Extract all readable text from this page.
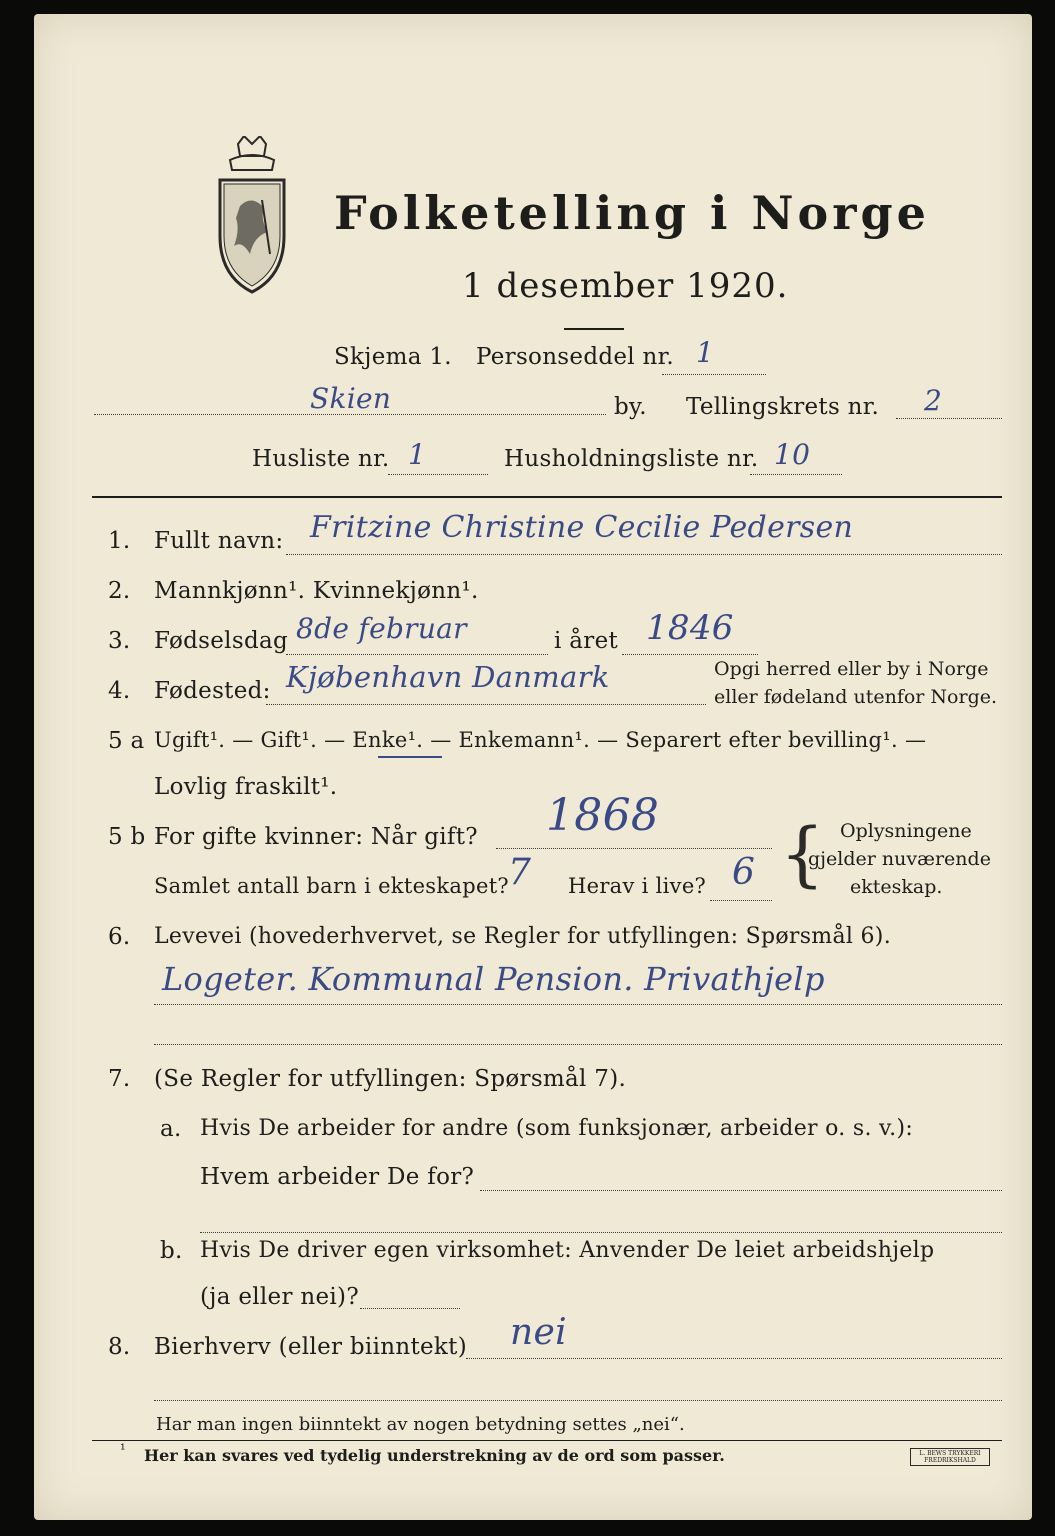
Folketelling i Norge
1 desember 1920.
Skjema 1. Personseddel nr. 1
Skien	by. Tellingskrets nr. 2
Husliste nr. 1	Husholdningsliste nr. 10
1. Fullt navn: Fritzine Christine Cecilie Pedersen
2. Mannkjønn¹. Kvinnekjønn¹.
3. Fødselsdag 8de februar	i året 1846
4. Fødested: Kjøbenhavn Danmark	Opgi herred eller by i Norge
eller fødeland utenfor Norge.
5 a Ugift¹. — Gift¹. — Enke¹. — Enkemann¹. — Separert efter bevilling¹. —
Lovlig fraskilt¹.
5 b For gifte kvinner: Når gift? 1868
Samlet antall barn i ekteskapet? 7 Herav i live? 6 { Oplysningene
gjelder nuværende
ekteskap.
6. Levevei (hovederhvervet, se Regler for utfyllingen: Spørsmål 6).
Logeter. Kommunal Pension. Privathjelp
7. (Se Regler for utfyllingen: Spørsmål 7).
a. Hvis De arbeider for andre (som funksjonær, arbeider o. s. v.):
Hvem arbeider De for?
b. Hvis De driver egen virksomhet: Anvender De leiet arbeidshjelp
(ja eller nei)?
8. Bierhverv (eller biinntekt) nei
Har man ingen biinntekt av nogen betydning settes „nei“.
¹ Her kan svares ved tydelig understrekning av de ord som passer.	L. BEWS TRYKKERI FREDRIKSHALD
